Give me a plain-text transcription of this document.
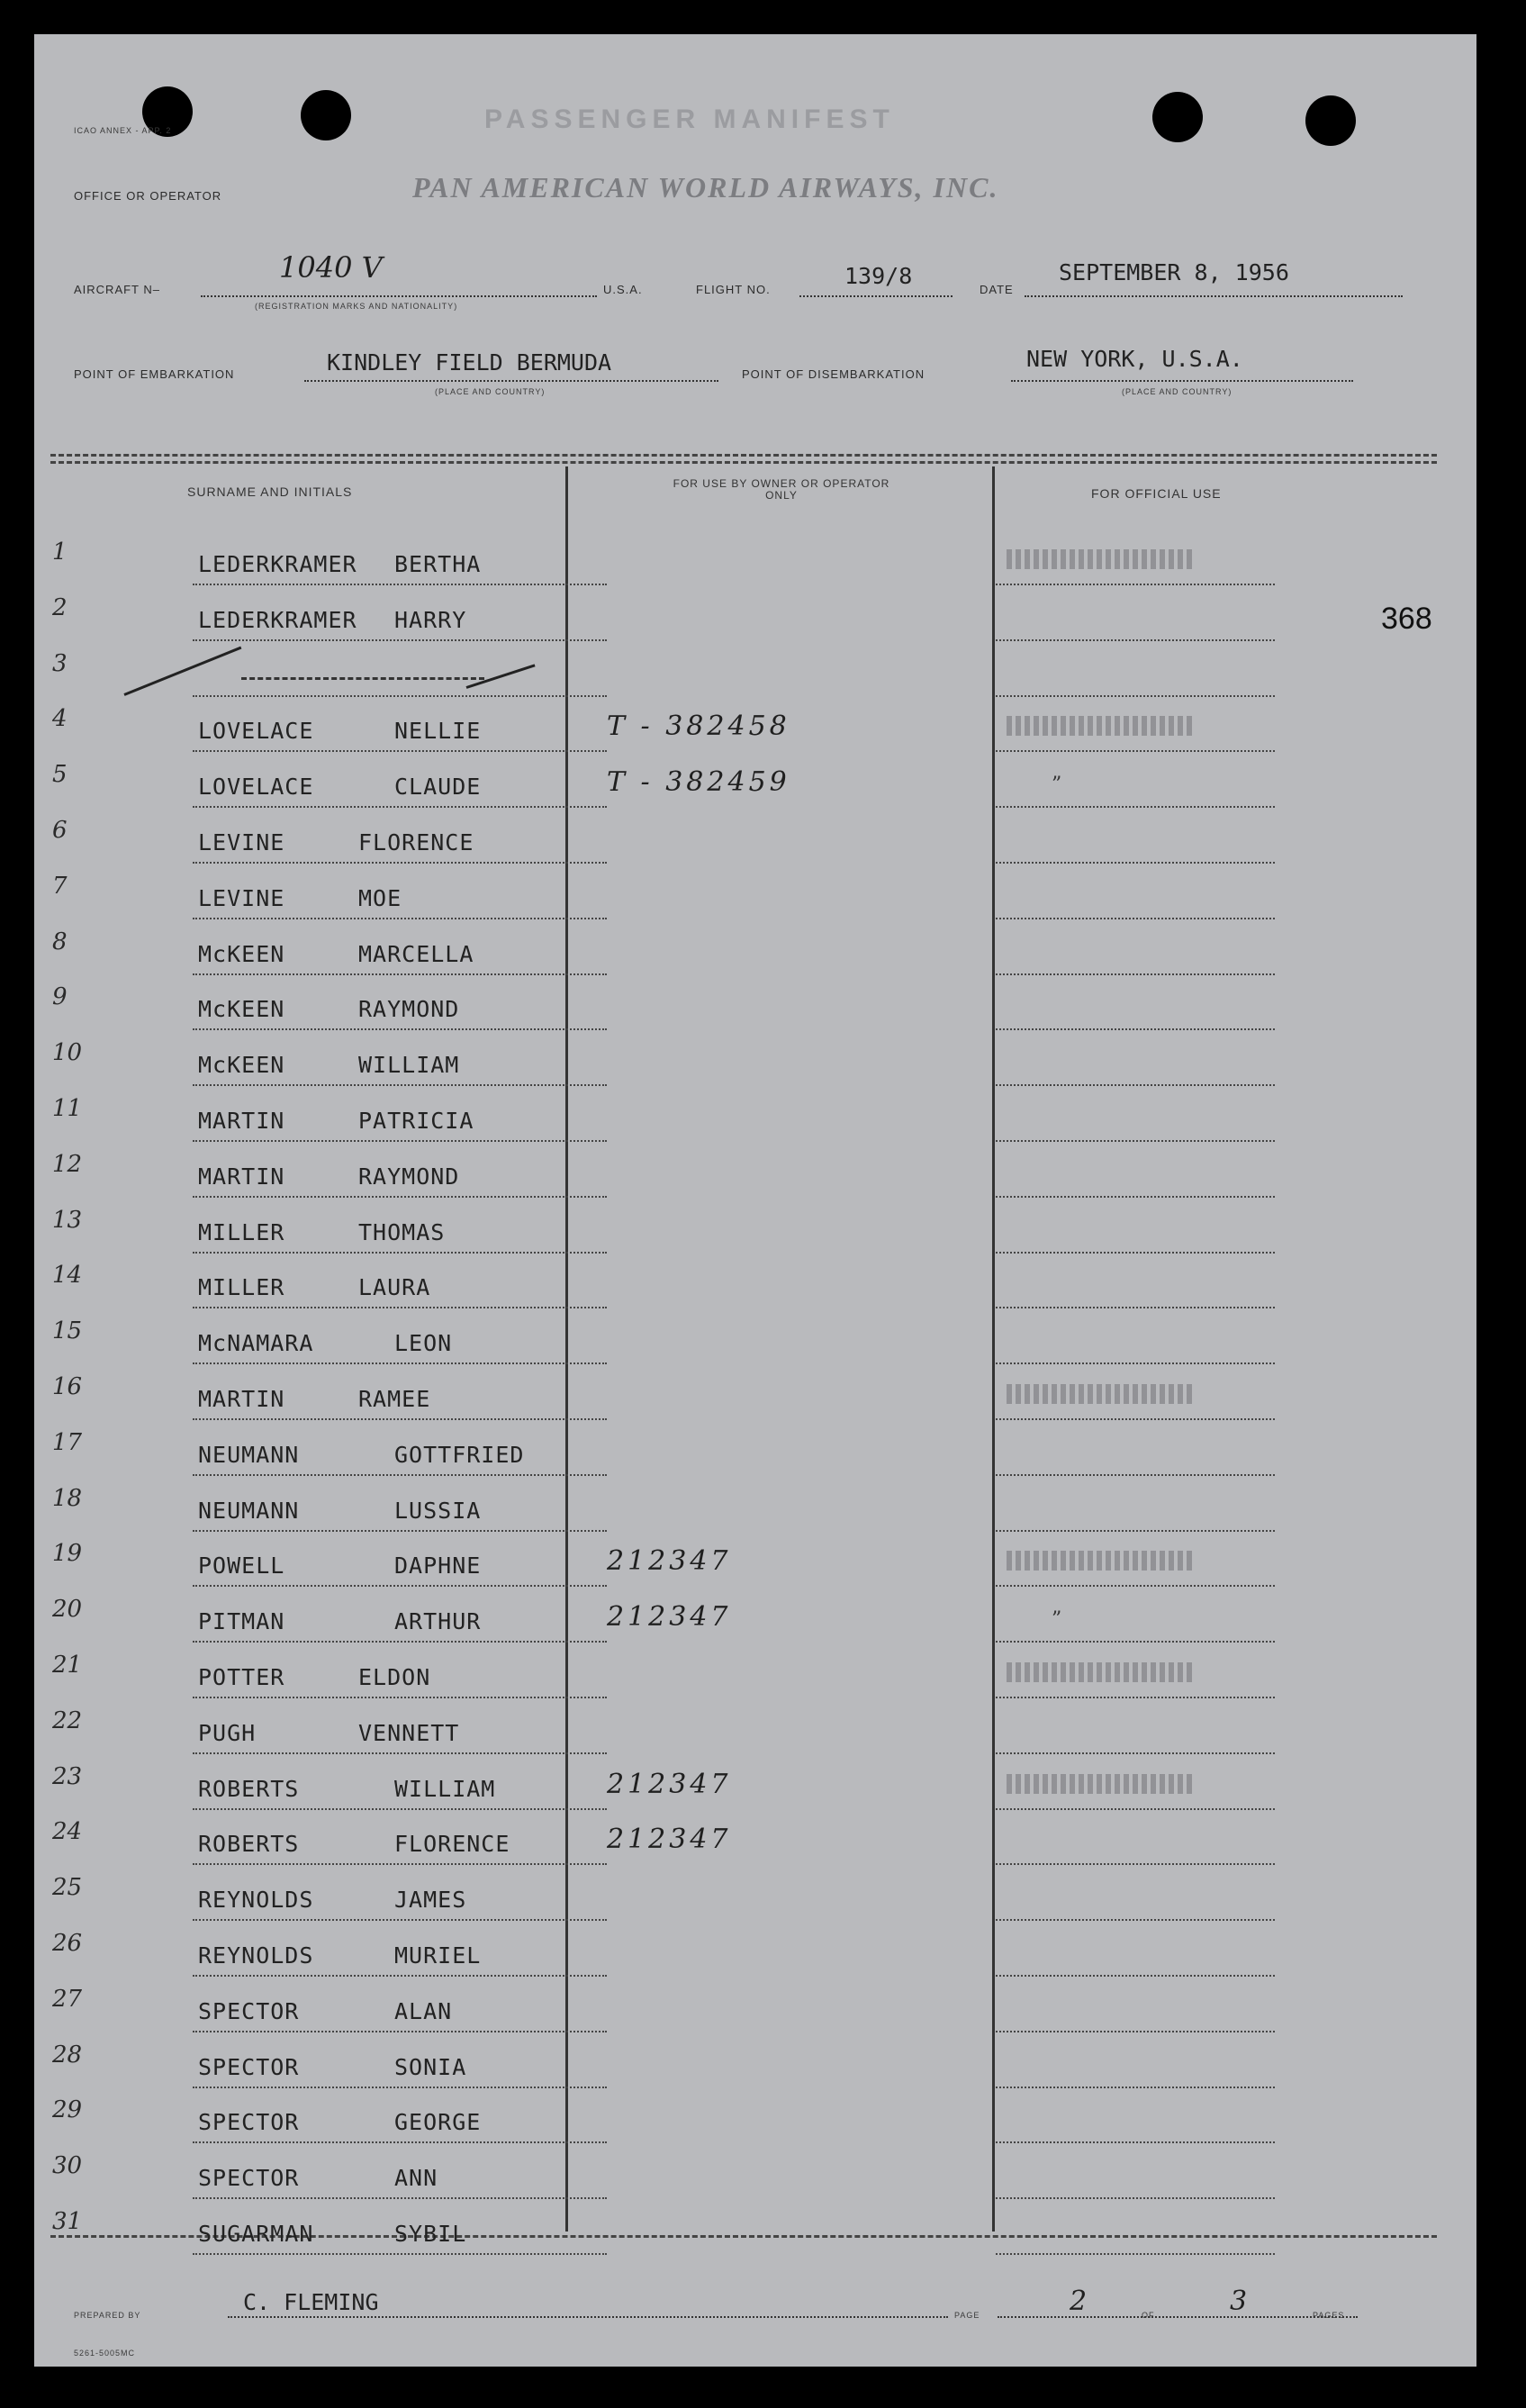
ICAO ANNEX - APP. 2	PASSENGER MANIFEST
OFFICE OR OPERATOR	PAN AMERICAN WORLD AIRWAYS, INC.
AIRCRAFT N–
1040 V
(REGISTRATION MARKS AND NATIONALITY)
U.S.A.	FLIGHT NO.
139/8
DATE
SEPTEMBER 8, 1956
POINT OF EMBARKATION	KINDLEY FIELD BERMUDA
(PLACE AND COUNTRY)
POINT OF DISEMBARKATION
NEW YORK, U.S.A.
(PLACE AND COUNTRY)
368
SURNAME AND INITIALS
FOR USE BY OWNER OR OPERATOR ONLY	FOR OFFICIAL USE
1	LEDERKRAMER BERTHA
2	LEDERKRAMER HARRY
3
4	LOVELACE	NELLIE	T - 382458
5	LOVELACE	CLAUDE	T - 382459	”
6	LEVINE	FLORENCE
7	LEVINE	MOE
8	McKEEN	MARCELLA
9	McKEEN	RAYMOND
10	McKEEN	WILLIAM
11	MARTIN	PATRICIA
12	MARTIN	RAYMOND
13	MILLER	THOMAS
14	MILLER	LAURA
15	McNAMARA	LEON
16	MARTIN	RAMEE
17	NEUMANN	GOTTFRIED
18	NEUMANN	LUSSIA
19	POWELL	DAPHNE	212347
20	PITMAN	ARTHUR	212347	”
21	POTTER	ELDON
22	PUGH	VENNETT
23	ROBERTS	WILLIAM	212347
24	ROBERTS	FLORENCE	212347
25	REYNOLDS	JAMES
26	REYNOLDS	MURIEL
27	SPECTOR	ALAN
28	SPECTOR	SONIA
29	SPECTOR	GEORGE
30	SPECTOR	ANN
31	SUGARMAN	SYBIL
PREPARED BY	C. FLEMING	PAGE	2	OF	3	PAGES
5261-5005MC
